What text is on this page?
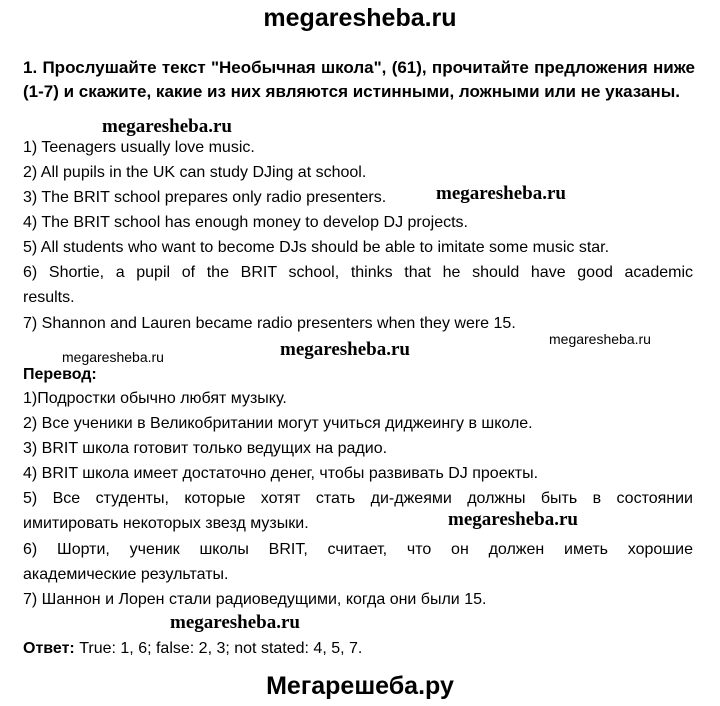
megaresheba.ru
1. Прослушайте текст "Необычная школа", (61), прочитайте предложения ниже (1-7) и скажите, какие из них являются истинными, ложными или не указаны.
megaresheba.ru
megaresheba.ru
megaresheba.ru
megaresheba.ru	megaresheba.ru
megaresheba.ru
megaresheba.ru
1) Teenagers usually love music.
2) All pupils in the UK can study DJing at school.
3) The BRIT school prepares only radio presenters.
4) The BRIT school has enough money to develop DJ projects.
5) All students who want to become DJs should be able to imitate some music star.
6) Shortie, a pupil of the BRIT school, thinks that he should have good academic
results.
7) Shannon and Lauren became radio presenters when they were 15.
Перевод:
1)Подростки обычно любят музыку.
2) Все ученики в Великобритании могут учиться диджеингу в школе.
3) BRIT школа готовит только ведущих на радио.
4) BRIT школа имеет достаточно денег, чтобы развивать DJ проекты.
5) Все студенты, которые хотят стать ди-джеями должны быть в состоянии
имитировать некоторых звезд музыки.
6) Шорти, ученик школы BRIT, считает, что он должен иметь хорошие
академические результаты.
7) Шаннон и Лорен стали радиоведущими, когда они были 15.
Ответ: True: 1, 6; false: 2, 3; not stated: 4, 5, 7.
Мегарешеба.ру
